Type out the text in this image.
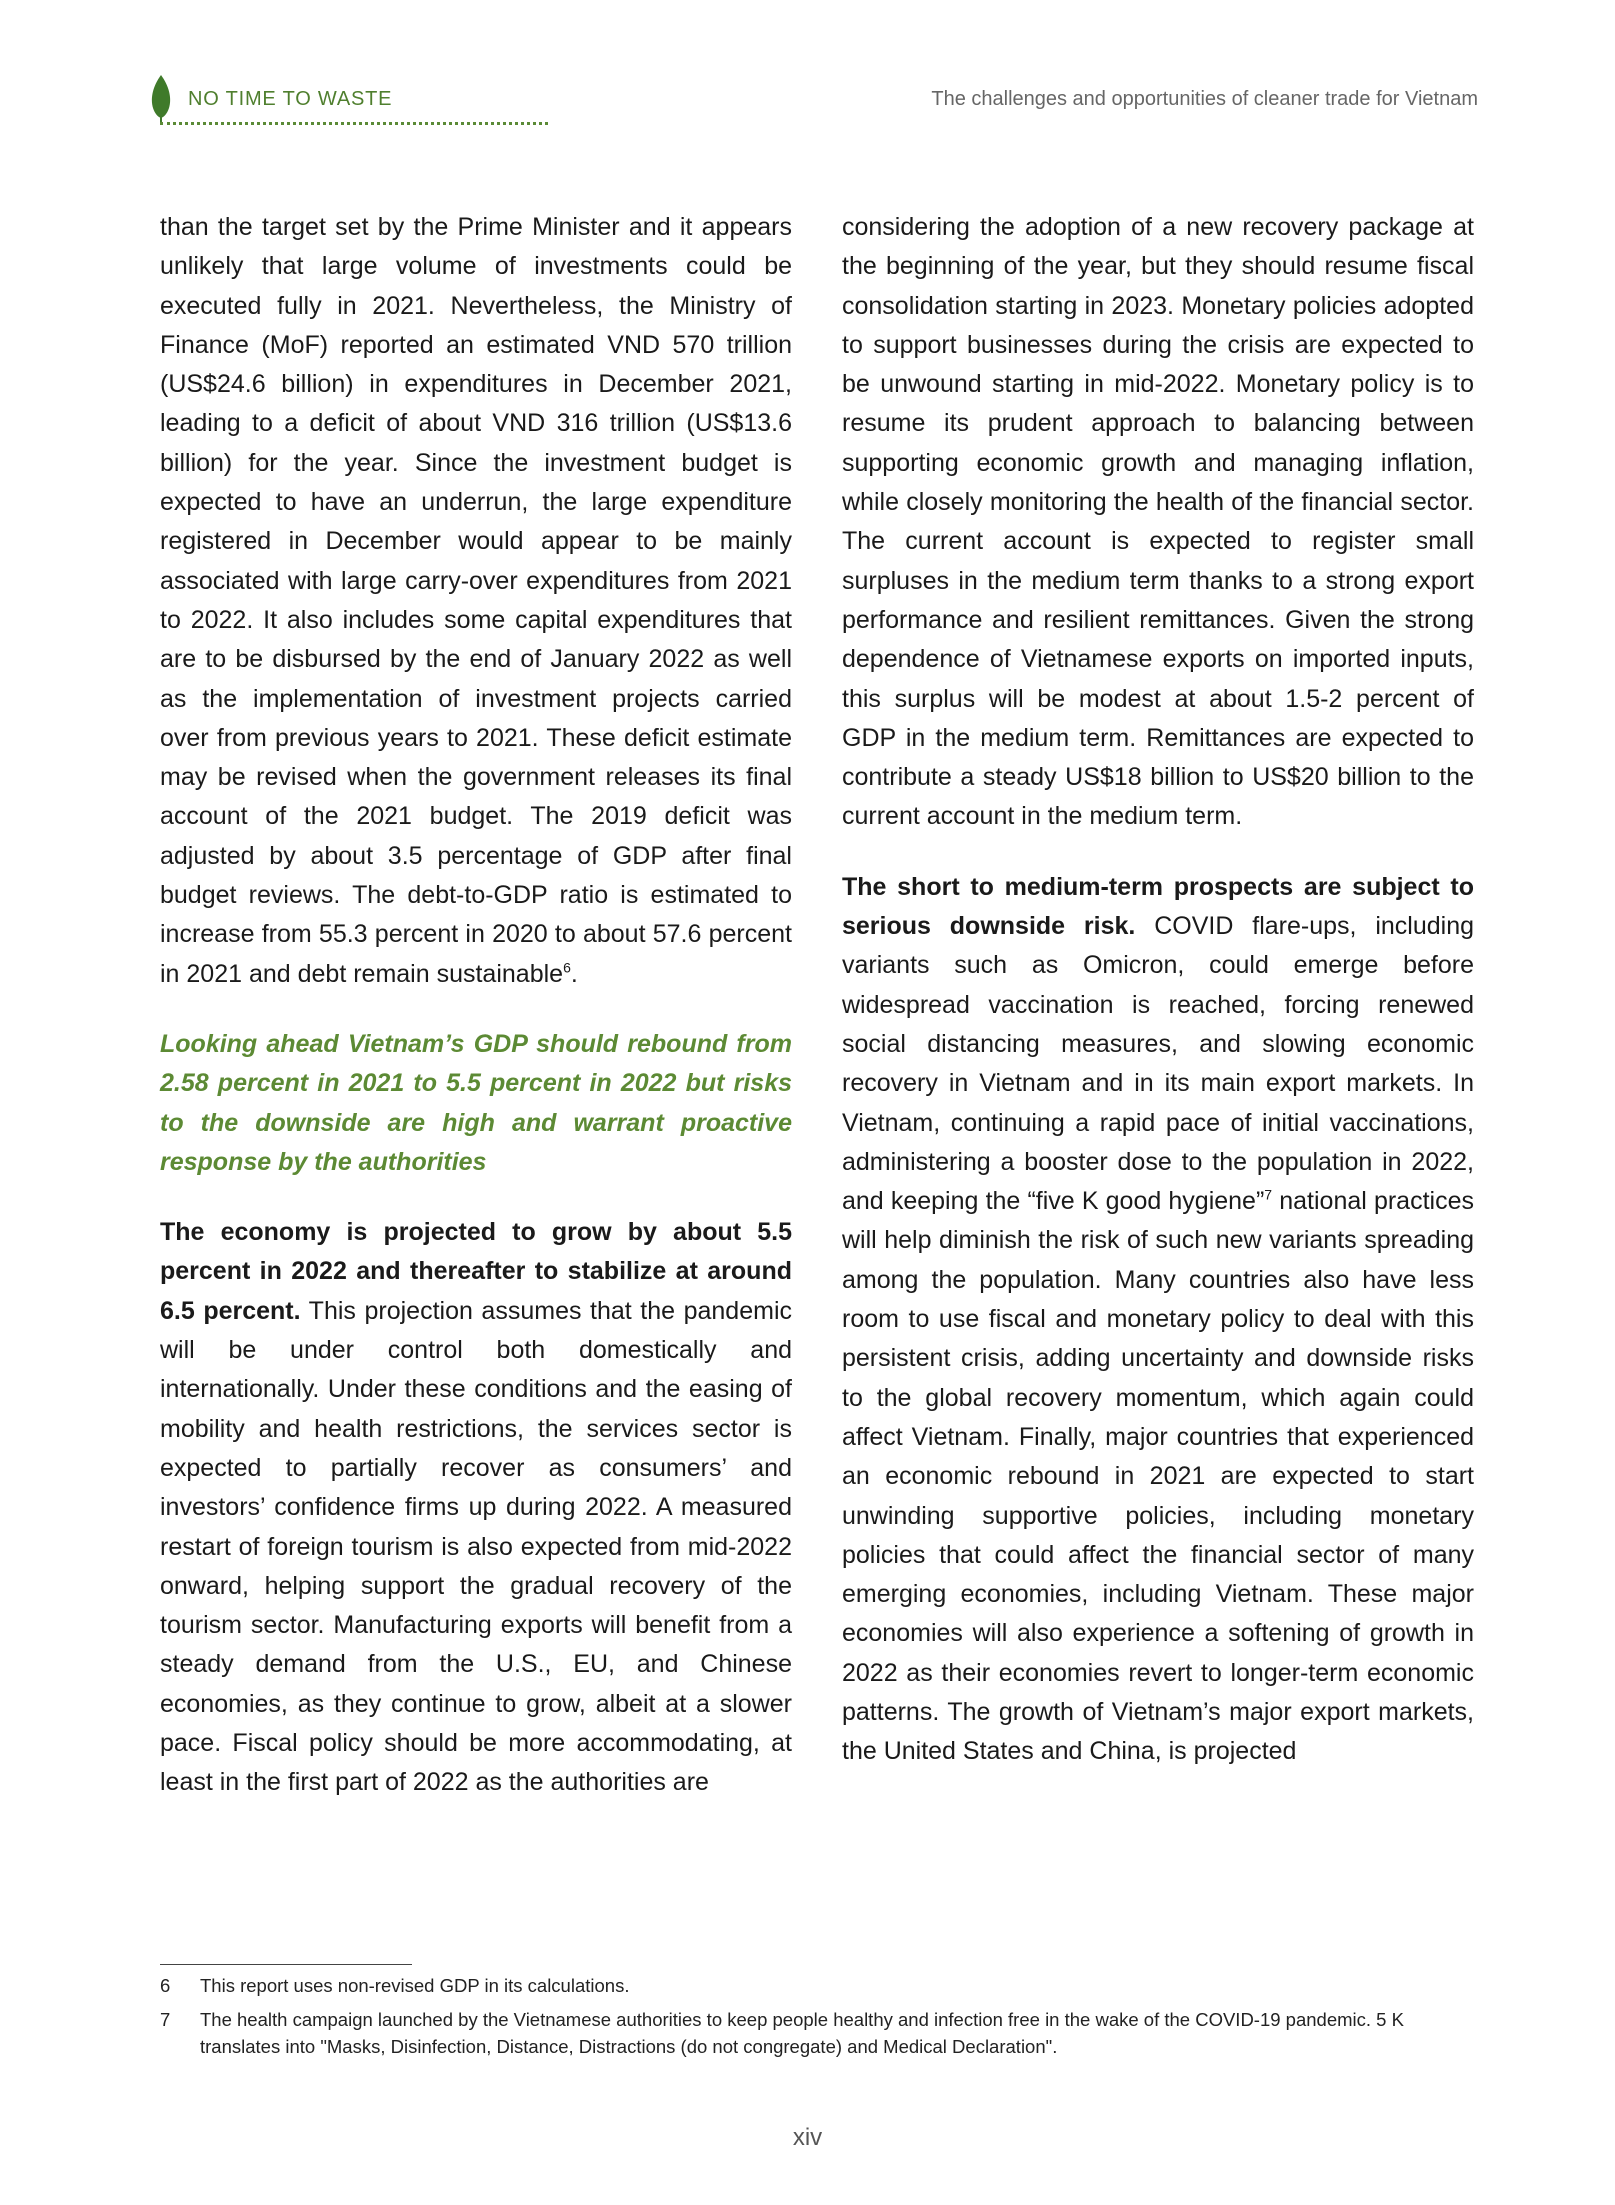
NO TIME TO WASTE	The challenges and opportunities of cleaner trade for Vietnam

than the target set by the Prime Minister and it appears unlikely that large volume of investments could be executed fully in 2021. Nevertheless, the Ministry of Finance (MoF) reported an estimated VND 570 trillion (US$24.6 billion) in expenditures in December 2021, leading to a deficit of about VND 316 trillion (US$13.6 billion) for the year. Since the investment budget is expected to have an underrun, the large expenditure registered in December would appear to be mainly associated with large carry-over expenditures from 2021 to 2022. It also includes some capital expenditures that are to be disbursed by the end of January 2022 as well as the implementation of investment projects carried over from previous years to 2021. These deficit estimate may be revised when the government releases its final account of the 2021 budget. The 2019 deficit was adjusted by about 3.5 percentage of GDP after final budget reviews. The debt-to-GDP ratio is estimated to increase from 55.3 percent in 2020 to about 57.6 percent in 2021 and debt remain sustainable$^6$.

Looking ahead Vietnam’s GDP should rebound from 2.58 percent in 2021 to 5.5 percent in 2022 but risks to the downside are high and warrant proactive response by the authorities

The economy is projected to grow by about 5.5 percent in 2022 and thereafter to stabilize at around 6.5 percent. This projection assumes that the pandemic will be under control both domestically and internationally. Under these conditions and the easing of mobility and health restrictions, the services sector is expected to partially recover as consumers’ and investors’ confidence firms up during 2022. A measured restart of foreign tourism is also expected from mid-2022 onward, helping support the gradual recovery of the tourism sector. Manufacturing exports will benefit from a steady demand from the U.S., EU, and Chinese economies, as they continue to grow, albeit at a slower pace. Fiscal policy should be more accommodating, at least in the first part of 2022 as the authorities are

considering the adoption of a new recovery package at the beginning of the year, but they should resume fiscal consolidation starting in 2023. Monetary policies adopted to support businesses during the crisis are expected to be unwound starting in mid-2022. Monetary policy is to resume its prudent approach to balancing between supporting economic growth and managing inflation, while closely monitoring the health of the financial sector. The current account is expected to register small surpluses in the medium term thanks to a strong export performance and resilient remittances. Given the strong dependence of Vietnamese exports on imported inputs, this surplus will be modest at about 1.5-2 percent of GDP in the medium term. Remittances are expected to contribute a steady US$18 billion to US$20 billion to the current account in the medium term.

The short to medium-term prospects are subject to serious downside risk. COVID flare-ups, including variants such as Omicron, could emerge before widespread vaccination is reached, forcing renewed social distancing measures, and slowing economic recovery in Vietnam and in its main export markets. In Vietnam, continuing a rapid pace of initial vaccinations, administering a booster dose to the population in 2022, and keeping the “five K good hygiene”$^7$ national practices will help diminish the risk of such new variants spreading among the population. Many countries also have less room to use fiscal and monetary policy to deal with this persistent crisis, adding uncertainty and downside risks to the global recovery momentum, which again could affect Vietnam. Finally, major countries that experienced an economic rebound in 2021 are expected to start unwinding supportive policies, including monetary policies that could affect the financial sector of many emerging economies, including Vietnam. These major economies will also experience a softening of growth in 2022 as their economies revert to longer-term economic patterns. The growth of Vietnam’s major export markets, the United States and China, is projected

6 This report uses non-revised GDP in its calculations.
7 The health campaign launched by the Vietnamese authorities to keep people healthy and infection free in the wake of the COVID-19 pandemic. 5 K translates into "Masks, Disinfection, Distance, Distractions (do not congregate) and Medical Declaration".
xiv
